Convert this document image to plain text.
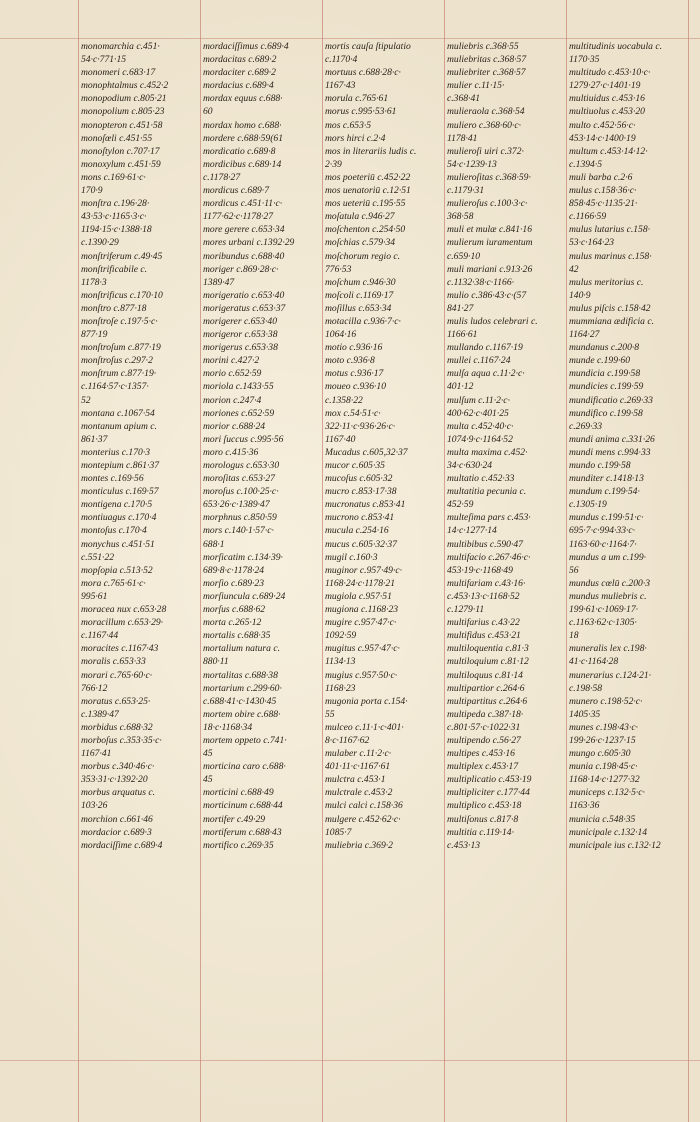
monomarchia c.451·
54·c·771·15
monomeri c.683·17
monophtalmus c.452·2
monopodium c.805·21
monopolium c.805·23
monopteron c.451·58
monoſœli c.451·55
monoſtylon c.707·17
monoxylum c.451·59
mons c.169·61·c·
170·9
monſtra c.196·28·
43·53·c·1165·3·c·
1194·15·c·1388·18
c.1390·29
monſtriferum c.49·45
monſtrificabile c.
1178·3
monſtrificus c.170·10
monſtro c.877·18
monſtroſe c.197·5·c·
877·19
monſtroſum c.877·19
monſtroſus c.297·2
monſtrum c.877·19·
c.1164·57·c·1357·
52
montana c.1067·54
montanum apium c.
861·37
monterius c.170·3
montepium c.861·37
montes c.169·56
monticulus c.169·57
montigena c.170·5
montiuagus c.170·4
montoſus c.170·4
monychus c.451·51
c.551·22
mopſopia c.513·52
mora c.765·61·c·
995·61
moracea nux c.653·28
moracillum c.653·29·
c.1167·44
moracites c.1167·43
moralis c.653·33
morari c.765·60·c·
766·12
moratus c.653·25·
c.1389·47
morbidus c.688·32
morboſus c.353·35·c·
1167·41
morbus c.340·46·c·
353·31·c·1392·20
morbus arquatus c.
103·26
morchion c.661·46
mordacior c.689·3
mordaciſſime c.689·4
mordaciſſimus c.689·4
mordacitas c.689·2
mordaciter c.689·2
mordacius c.689·4
mordax equus c.688·
60
mordax homo c.688·
mordere c.688·59(61
mordicatio c.689·8
mordicibus c.689·14
c.1178·27
mordicus c.689·7
mordicus c.451·11·c·
1177·62·c·1178·27
more gerere c.653·34
mores urbani c.1392·29
moribundus c.688·40
moriger c.869·28·c·
1389·47
morigeratio c.653·40
morigeratus c.653·37
morigerer c.653·40
morigeror c.653·38
morigerus c.653·38
morini c.427·2
morio c.652·59
moriola c.1433·55
morion c.247·4
moriones c.652·59
morior c.688·24
mori ſuccus c.995·56
moro c.415·36
morologus c.653·30
moroſitas c.653·27
moroſus c.100·25·c·
653·26·c·1389·47
morphnus c.850·59
mors c.140·1·57·c·
688·1
morſicatim c.134·39·
689·8·c·1178·24
morſio c.689·23
morſiuncula c.689·24
morſus c.688·62
morta c.265·12
mortalis c.688·35
mortalium natura c.
880·11
mortalitas c.688·38
mortarium c.299·60·
c.688·41·c·1430·45
mortem obire c.688·
18·c·1168·34
mortem oppeto c.741·
45
morticina caro c.688·
45
morticini c.688·49
morticinum c.688·44
mortifer c.49·29
mortiferum c.688·43
mortifico c.269·35
mortis cauſa ſtipulatio
c.1170·4
mortuus c.688·28·c·
1167·43
morula c.765·61
morus c.995·53·61
mos c.653·5
mors hirci c.2·4
mos in literariis ludis c.
2·39
mos poeteriū c.452·22
mos uenatoriū c.12·51
mos ueteriū c.195·55
moſatula c.946·27
moſchenton c.254·50
moſchias c.579·34
moſchorum regio c.
776·53
moſchum c.946·30
moſcoli c.1169·17
moſillus c.653·34
motacilla c.936·7·c·
1064·16
motio c.936·16
moto c.936·8
motus c.936·17
moueo c.936·10
c.1358·22
mox c.54·51·c·
322·11·c·936·26·c·
1167·40
Mucadus c.605,32·37
mucor c.605·35
mucoſus c.605·32
mucro c.853·17·38
mucronatus c.853·41
mucrono c.853·41
mucula c.254·16
mucus c.605·32·37
mugil c.160·3
muginor c.957·49·c·
1168·24·c·1178·21
mugiola c.957·51
mugiona c.1168·23
mugire c.957·47·c·
1092·59
mugitus c.957·47·c·
1134·13
mugius c.957·50·c·
1168·23
mugonia porta c.154·
55
mulceo c.11·1·c·401·
8·c·1167·62
mulaber c.11·2·c·
401·11·c·1167·61
mulctra c.453·1
mulctrale c.453·2
mulci calci c.158·36
mulgere c.452·62·c·
1085·7
muliebria c.369·2
muliebris c.368·55
muliebritas c.368·57
muliebriter c.368·57
mulier c.11·15·
c.368·41
mulieraola c.368·54
muliero c.368·60·c·
1178·41
mulieroſi uiri c.372·
54·c·1239·13
mulieroſitas c.368·59·
c.1179·31
mulieroſus c.100·3·c·
368·58
muli et mulæ c.841·16
mulierum iuramentum
c.659·10
muli mariani c.913·26
c.1132·38·c·1166·
mulio c.386·43·c·(57
841·27
mulis ludos celebrari c.
1166·61
mullando c.1167·19
mullei c.1167·24
mulſa aqua c.11·2·c·
401·12
mulſum c.11·2·c·
400·62·c·401·25
multa c.452·40·c·
1074·9·c·1164·52
multa maxima c.452·
34·c·630·24
multatio c.452·33
multatitia pecunia c.
452·59
multeſima pars c.453·
14·c·1277·14
multibibus c.590·47
multifacio c.267·46·c·
453·19·c·1168·49
multifariam c.43·16·
c.453·13·c·1168·52
c.1279·11
multifarius c.43·22
multifidus c.453·21
multiloquentia c.81·3
multiloquium c.81·12
multiloquus c.81·14
multipartior c.264·6
multipartitus c.264·6
multipeda c.387·18·
c.801·57·c·1022·31
multipendo c.56·27
multipes c.453·16
multiplex c.453·17
multiplicatio c.453·19
multipliciter c.177·44
multiplico c.453·18
multiſonus c.817·8
multitia c.119·14·
c.453·13
multitudinis uocabula c.
1170·35
multitudo c.453·10·c·
1279·27·c·1401·19
multiuidus c.453·16
multiuolus c.453·20
multo c.452·56·c·
453·14·c·1400·19
multum c.453·14·12·
c.1394·5
muli barba c.2·6
mulus c.158·36·c·
858·45·c·1135·21·
c.1166·59
mulus lutarius c.158·
53·c·164·23
mulus marinus c.158·
42
mulus meritorius c.
140·9
mulus piſcis c.158·42
mummiana ædificia c.
1164·27
mundanus c.200·8
munde c.199·60
mundicia c.199·58
mundicies c.199·59
mundificatio c.269·33
mundifico c.199·58
c.269·33
mundi anima c.331·26
mundi mens c.994·33
mundo c.199·58
munditer c.1418·13
mundum c.199·54·
c.1305·19
mundus c.199·51·c·
695·7·c·994·33·c·
1163·60·c·1164·7·
mundus a um c.199·
56
mundus cœlū c.200·3
mundus muliebris c.
199·61·c·1069·17·
c.1163·62·c·1305·
18
muneralis lex c.198·
41·c·1164·28
munerarius c.124·21·
c.198·58
munero c.198·52·c·
1405·35
munes c.198·43·c·
199·26·c·1237·15
mungo c.605·30
munia c.198·45·c·
1168·14·c·1277·32
municeps c.132·5·c·
1163·36
municia c.548·35
municipale c.132·14
municipale ius c.132·12
